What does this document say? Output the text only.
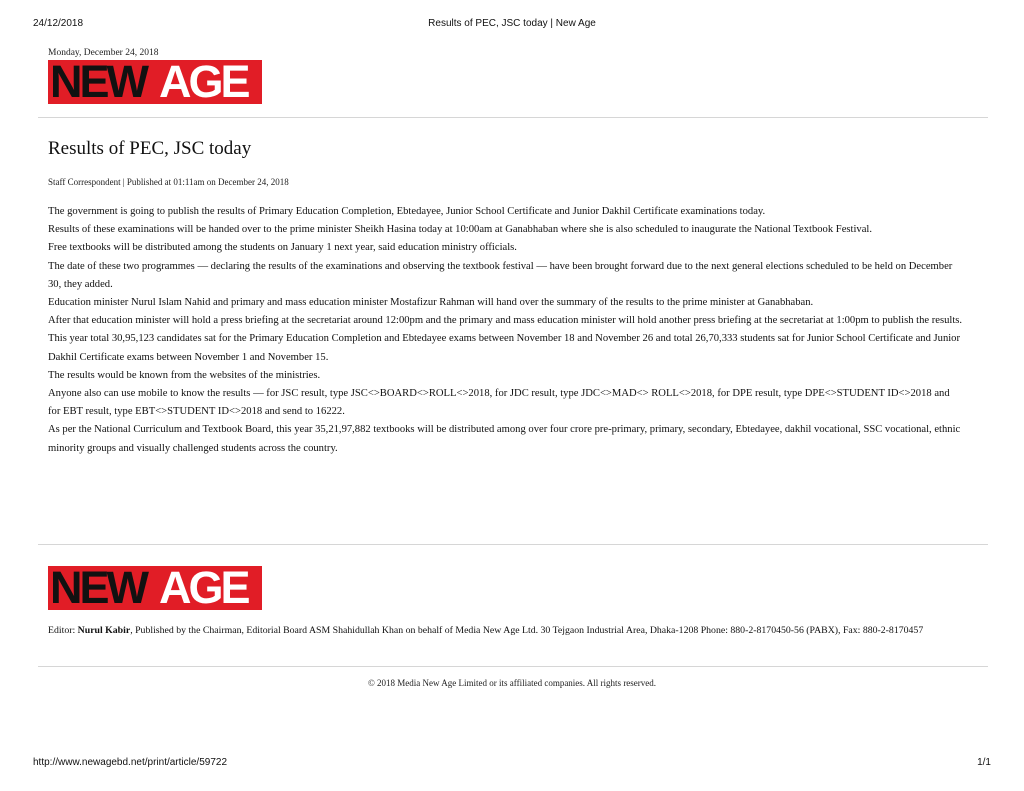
24/12/2018	Results of PEC, JSC today | New Age
Monday, December 24, 2018
NEW AGE
Results of PEC, JSC today
Staff Correspondent | Published at 01:11am on December 24, 2018

The government is going to publish the results of Primary Education Completion, Ebtedayee, Junior School Certificate and Junior Dakhil Certificate examinations today.

Results of these examinations will be handed over to the prime minister Sheikh Hasina today at 10:00am at Ganabhaban where she is also scheduled to inaugurate the National Textbook Festival.

Free textbooks will be distributed among the students on January 1 next year, said education ministry officials.

The date of these two programmes — declaring the results of the examinations and observing the textbook festival — have been brought forward due to the next general elections scheduled to be held on December 30, they added.

Education minister Nurul Islam Nahid and primary and mass education minister Mostafizur Rahman will hand over the summary of the results to the prime minister at Ganabhaban.

After that education minister will hold a press briefing at the secretariat around 12:00pm and the primary and mass education minister will hold another press briefing at the secretariat at 1:00pm to publish the results.

This year total 30,95,123 candidates sat for the Primary Education Completion and Ebtedayee exams between November 18 and November 26 and total 26,70,333 students sat for Junior School Certificate and Junior Dakhil Certificate exams between November 1 and November 15.

The results would be known from the websites of the ministries.

Anyone also can use mobile to know the results — for JSC result, type JSC<>BOARD<>ROLL<>2018, for JDC result, type JDC<>MAD<> ROLL<>2018, for DPE result, type DPE<>STUDENT ID<>2018 and for EBT result, type EBT<>STUDENT ID<>2018 and send to 16222.

As per the National Curriculum and Textbook Board, this year 35,21,97,882 textbooks will be distributed among over four crore pre-primary, primary, secondary, Ebtedayee, dakhil vocational, SSC vocational, ethnic minority groups and visually challenged students across the country.

NEW AGE
Editor: Nurul Kabir, Published by the Chairman, Editorial Board ASM Shahidullah Khan on behalf of Media New Age Ltd. 30 Tejgaon Industrial Area, Dhaka-1208 Phone: 880-2-8170450-56 (PABX), Fax: 880-2-8170457
© 2018 Media New Age Limited or its affiliated companies. All rights reserved.
http://www.newagebd.net/print/article/59722	1/1
